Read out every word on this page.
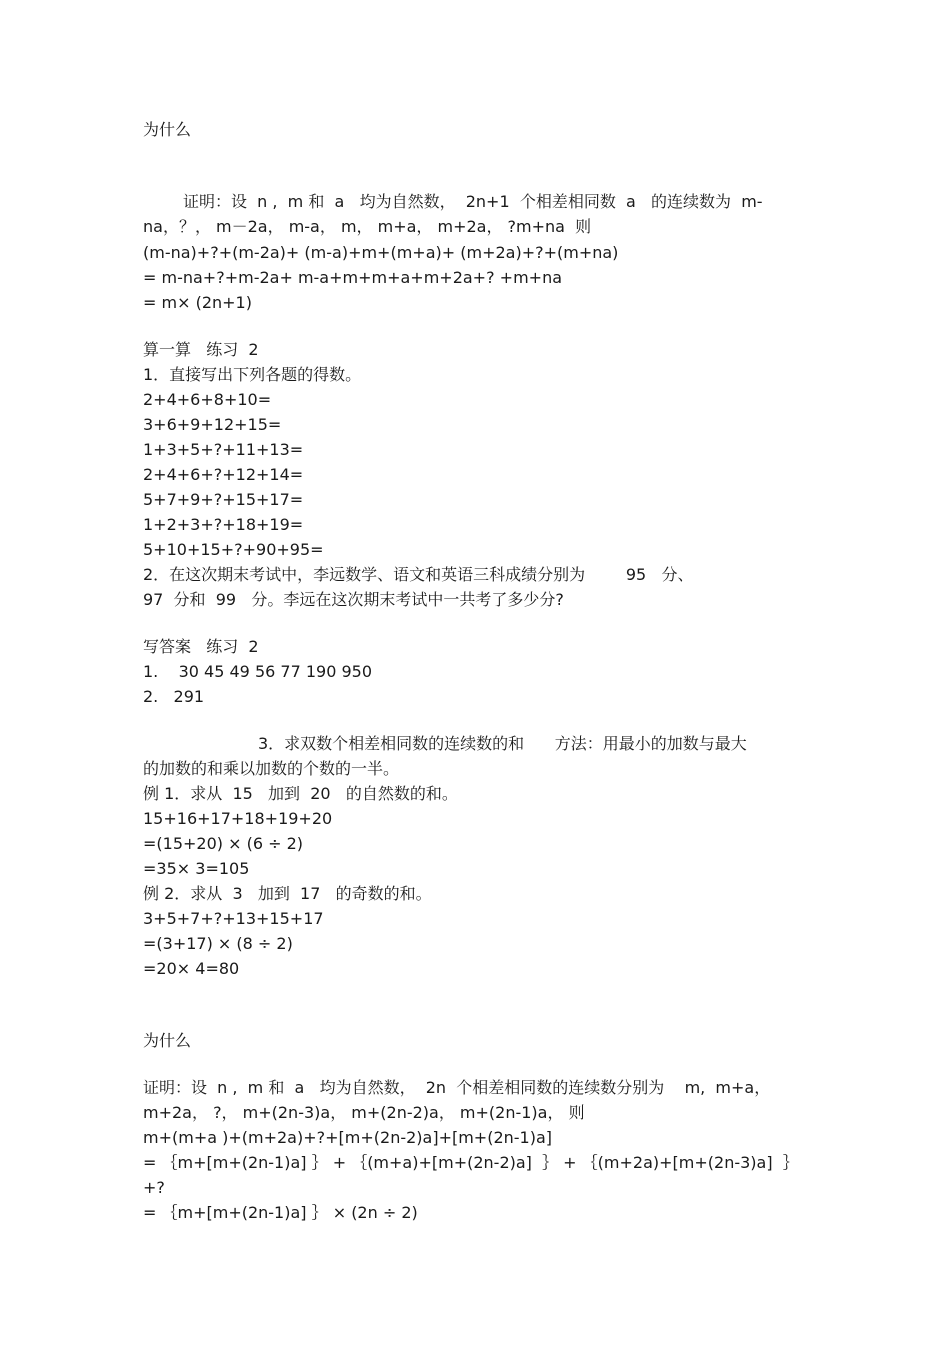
为什么
证明：设  n ,  m 和  a   均为自然数，  2n+1  个相差相同数  a   的连续数为  m-
na，？， m－2a， m-a， m， m+a， m+2a， ?m+na  则
(m-na)+?+(m-2a)+ (m-a)+m+(m+a)+ (m+2a)+?+(m+na)
= m-na+?+m-2a+ m-a+m+m+a+m+2a+? +m+na
= m× (2n+1)
算一算   练习  2
1．直接写出下列各题的得数。
2+4+6+8+10=
3+6+9+12+15=
1+3+5+?+11+13=
2+4+6+?+12+14=
5+7+9+?+15+17=
1+2+3+?+18+19=
5+10+15+?+90+95=
2．在这次期末考试中，李远数学、语文和英语三科成绩分别为        95   分、
97  分和  99   分。李远在这次期末考试中一共考了多少分?
写答案   练习  2
1.    30 45 49 56 77 190 950
2.   291
3．求双数个相差相同数的连续数的和      方法：用最小的加数与最大
的加数的和乘以加数的个数的一半。
例 1．求从  15   加到  20   的自然数的和。
15+16+17+18+19+20
=(15+20) × (6 ÷ 2)
=35× 3=105
例 2．求从  3   加到  17   的奇数的和。
3+5+7+?+13+15+17
=(3+17) × (8 ÷ 2)
=20× 4=80
为什么
证明：设  n ,  m 和  a   均为自然数，  2n  个相差相同数的连续数分别为    m,  m+a，
m+2a， ?， m+(2n-3)a， m+(2n-2)a， m+(2n-1)a， 则
m+(m+a )+(m+2a)+?+[m+(2n-2)a]+[m+(2n-1)a]
= ｛m+[m+(2n-1)a] ｝ + ｛(m+a)+[m+(2n-2)a]  ｝ + ｛(m+2a)+[m+(2n-3)a]  ｝
+?
= ｛m+[m+(2n-1)a] ｝ × (2n ÷ 2)
